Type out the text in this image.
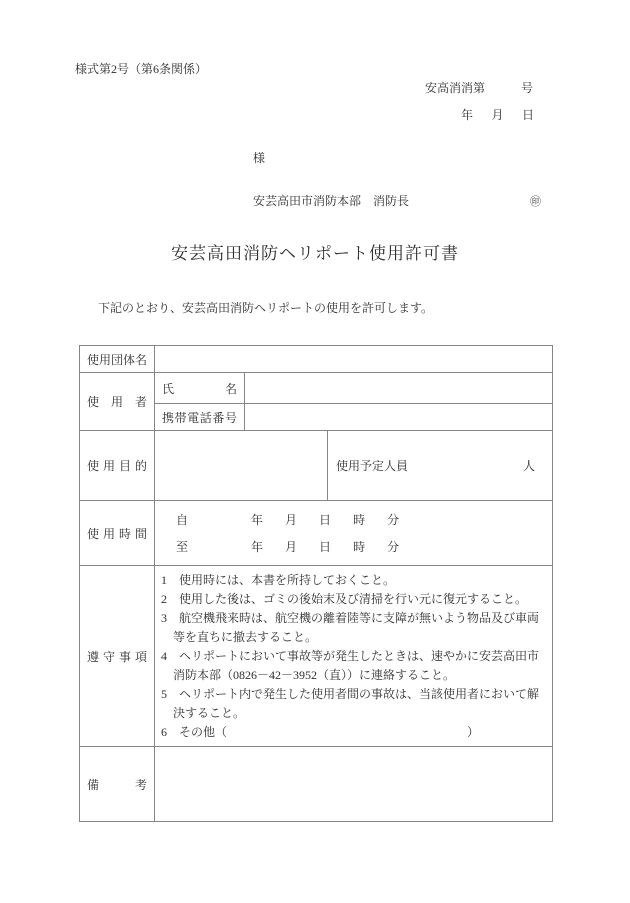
様式第2号（第6条関係）
安高消消第	号
年 月 日
様
安芸高田市消防本部　消防長	㊞
安芸高田消防ヘリポート使用許可書
下記のとおり、安芸高田消防ヘリポートの使用を許可します。
使用団体名			

使用者	氏名		

	携帯電話番号		

使用目的			使用予定人員 人

使用時間	自 年 月 日 時 分
至 年 月 日 時 分		

遵守事項

1　使用時には、本書を所持しておくこと。

2　使用した後は、ゴミの後始末及び清掃を行い元に復元すること。

3　航空機飛来時は、航空機の離着陸等に支障が無いよう物品及び車両等を直ちに撤去すること。

4　ヘリポートにおいて事故等が発生したときは、速やかに安芸高田市消防本部（0826－42－3952（直））に連絡すること。

5　ヘリポート内で発生した使用者間の事故は、当該使用者において解決すること。

6　その他（　　　　　　　　　　　　　　　　　　　　）

備考			
